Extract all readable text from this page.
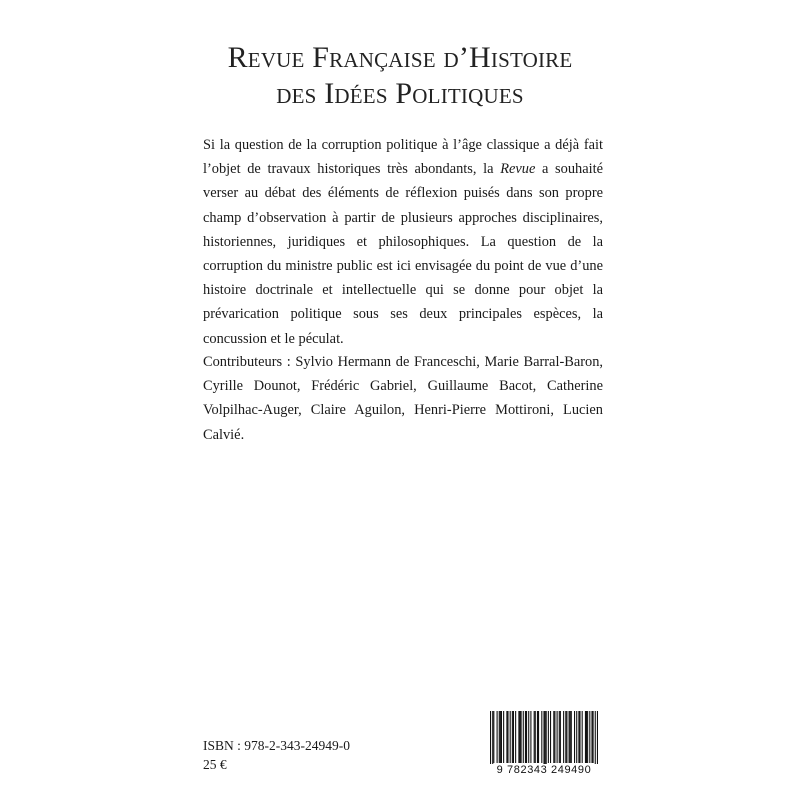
Revue Française d’Histoire
des Idées Politiques
Si la question de la corruption politique à l’âge classique a déjà fait l’objet de travaux historiques très abondants, la Revue a souhaité verser au débat des éléments de réflexion puisés dans son propre champ d’observation à partir de plusieurs approches disciplinaires, historiennes, juridiques et philosophiques. La question de la corruption du ministre public est ici envisagée du point de vue d’une histoire doctrinale et intellectuelle qui se donne pour objet la prévarication politique sous ses deux principales espèces, la concussion et le péculat.
Contributeurs : Sylvio Hermann de Franceschi, Marie Barral-Baron, Cyrille Dounot, Frédéric Gabriel, Guillaume Bacot, Catherine Volpilhac-Auger, Claire Aguilon, Henri-Pierre Mottironi, Lucien Calvié.
ISBN : 978-2-343-24949-0
25 €	9 782343 249490
